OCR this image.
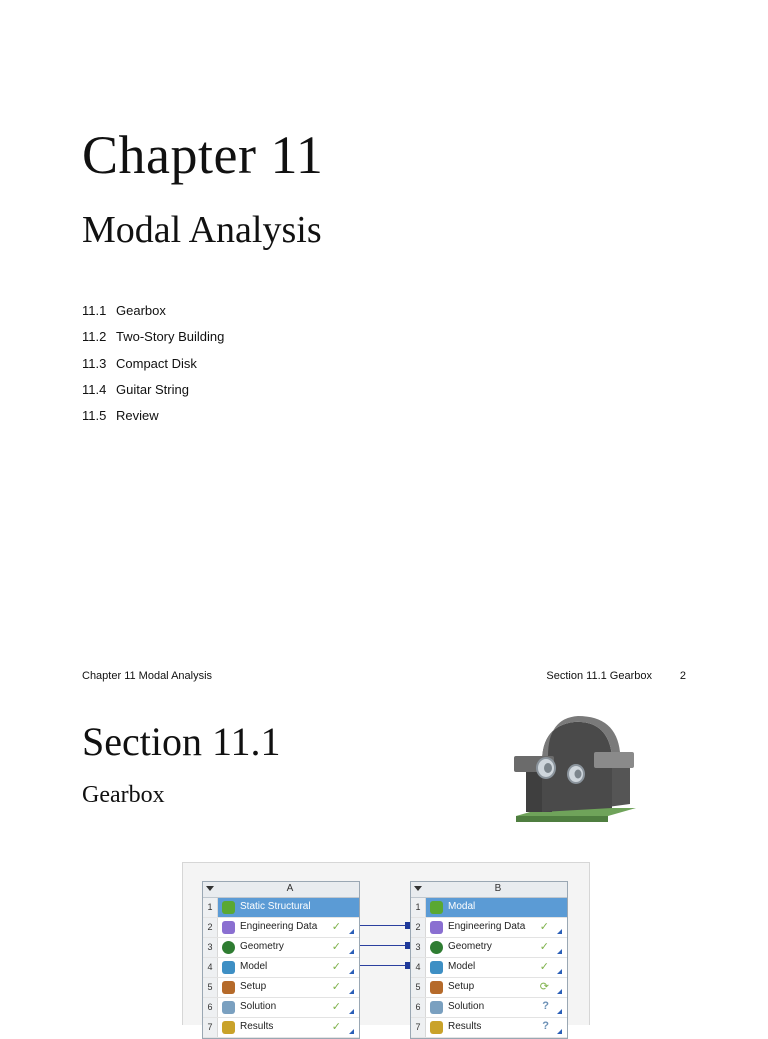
Chapter 11
Modal Analysis
11.1 Gearbox
11.2 Two-Story Building
11.3 Compact Disk
11.4 Guitar String
11.5 Review
Chapter 11 Modal Analysis	Section 11.1 Gearbox	2
Section 11.1
Gearbox
A
1	Static Structural
2	Engineering Data ✓
3	Geometry	✓
4	Model	✓
5	Setup	✓
6	Solution	✓
7	Results	✓
B
1	Modal
2	Engineering Data ✓
3	Geometry	✓
4	Model	✓
5	Setup	⟳
6	Solution	?
7	Results	?
